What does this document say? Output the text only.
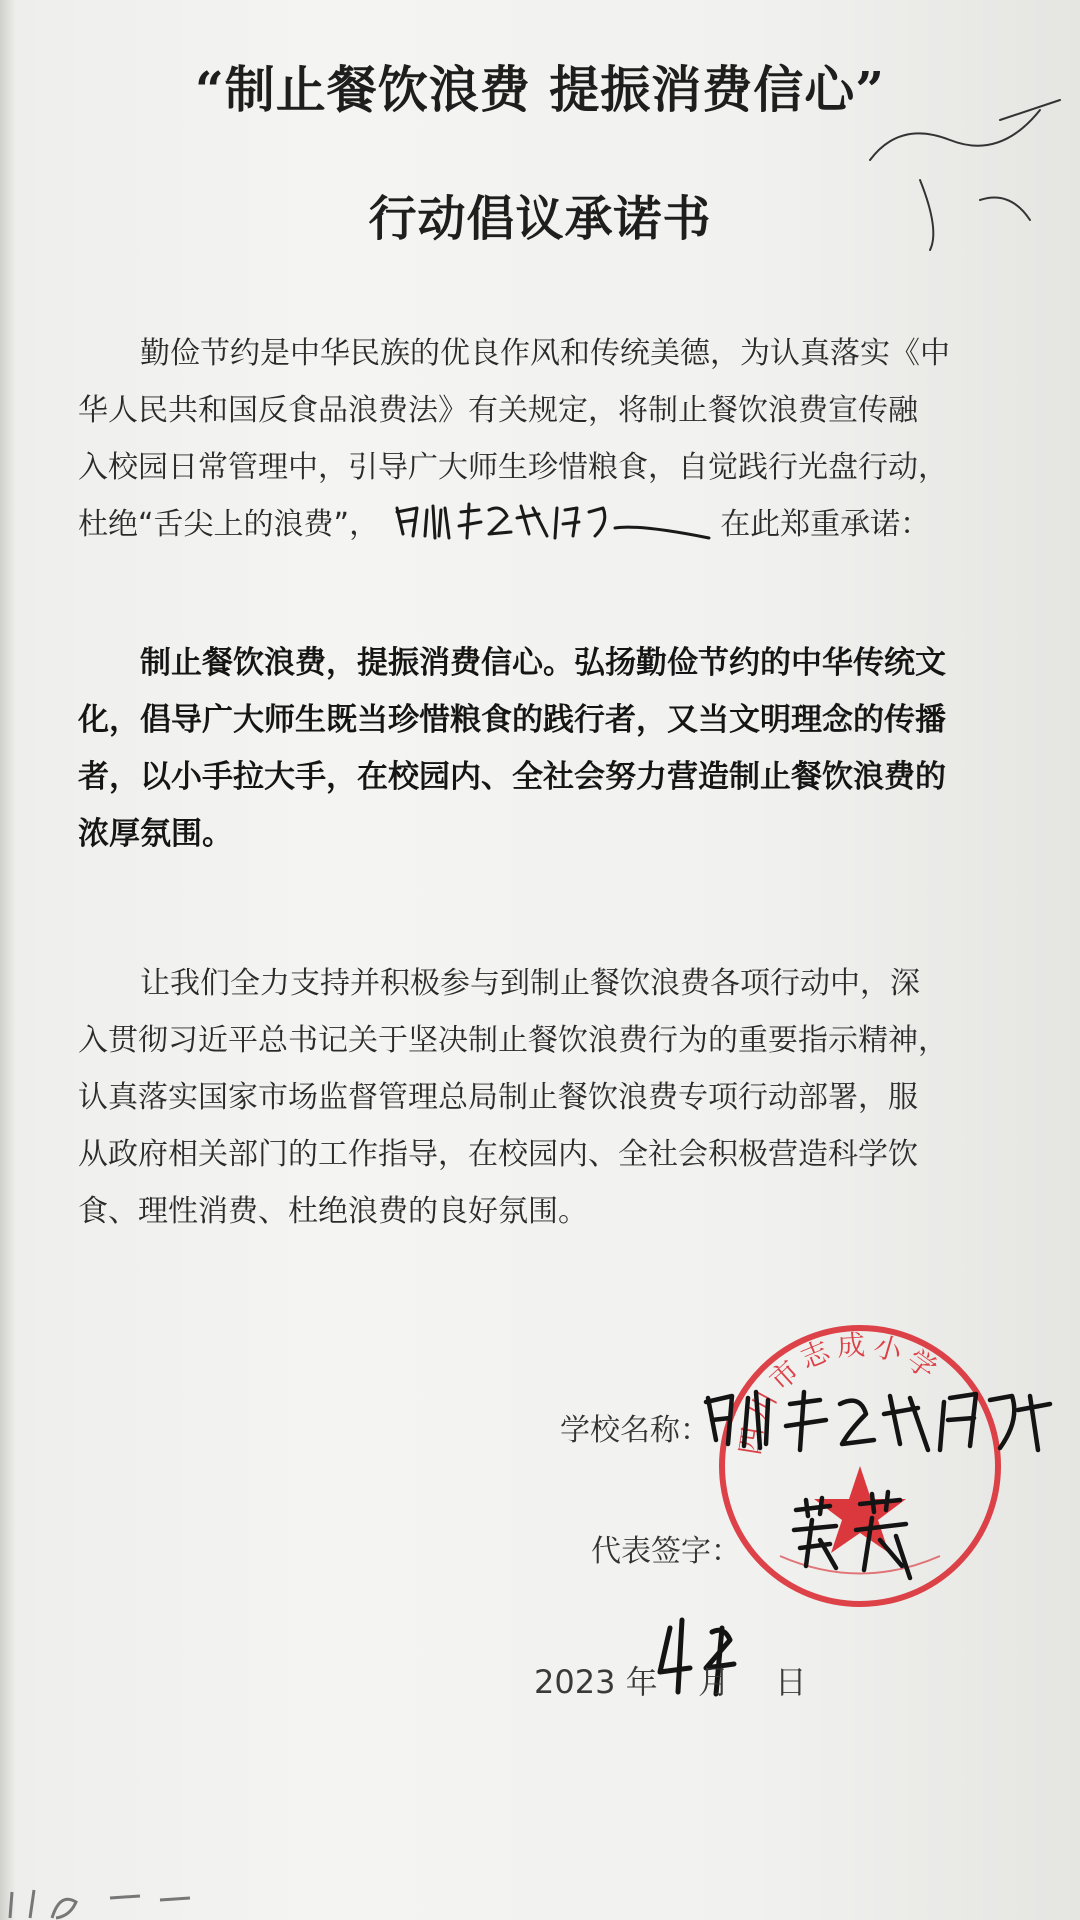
“制止餐饮浪费 提振消费信心”
行动倡议承诺书
勤俭节约是中华民族的优良作风和传统美德，为认真落实《中
华人民共和国反食品浪费法》有关规定，将制止餐饮浪费宣传融
入校园日常管理中，引导广大师生珍惜粮食，自觉践行光盘行动，
杜绝“舌尖上的浪费”，	在此郑重承诺：
制止餐饮浪费，提振消费信心。弘扬勤俭节约的中华传统文
化，倡导广大师生既当珍惜粮食的践行者，又当文明理念的传播
者，以小手拉大手，在校园内、全社会努力营造制止餐饮浪费的
浓厚氛围。
让我们全力支持并积极参与到制止餐饮浪费各项行动中，深
入贯彻习近平总书记关于坚决制止餐饮浪费行为的重要指示精神，
认真落实国家市场监督管理总局制止餐饮浪费专项行动部署，服
从政府相关部门的工作指导，在校园内、全社会积极营造科学饮
食、理性消费、杜绝浪费的良好氛围。
学校名称：
代表签字：
四川市志成小学
2023 年 月 日
